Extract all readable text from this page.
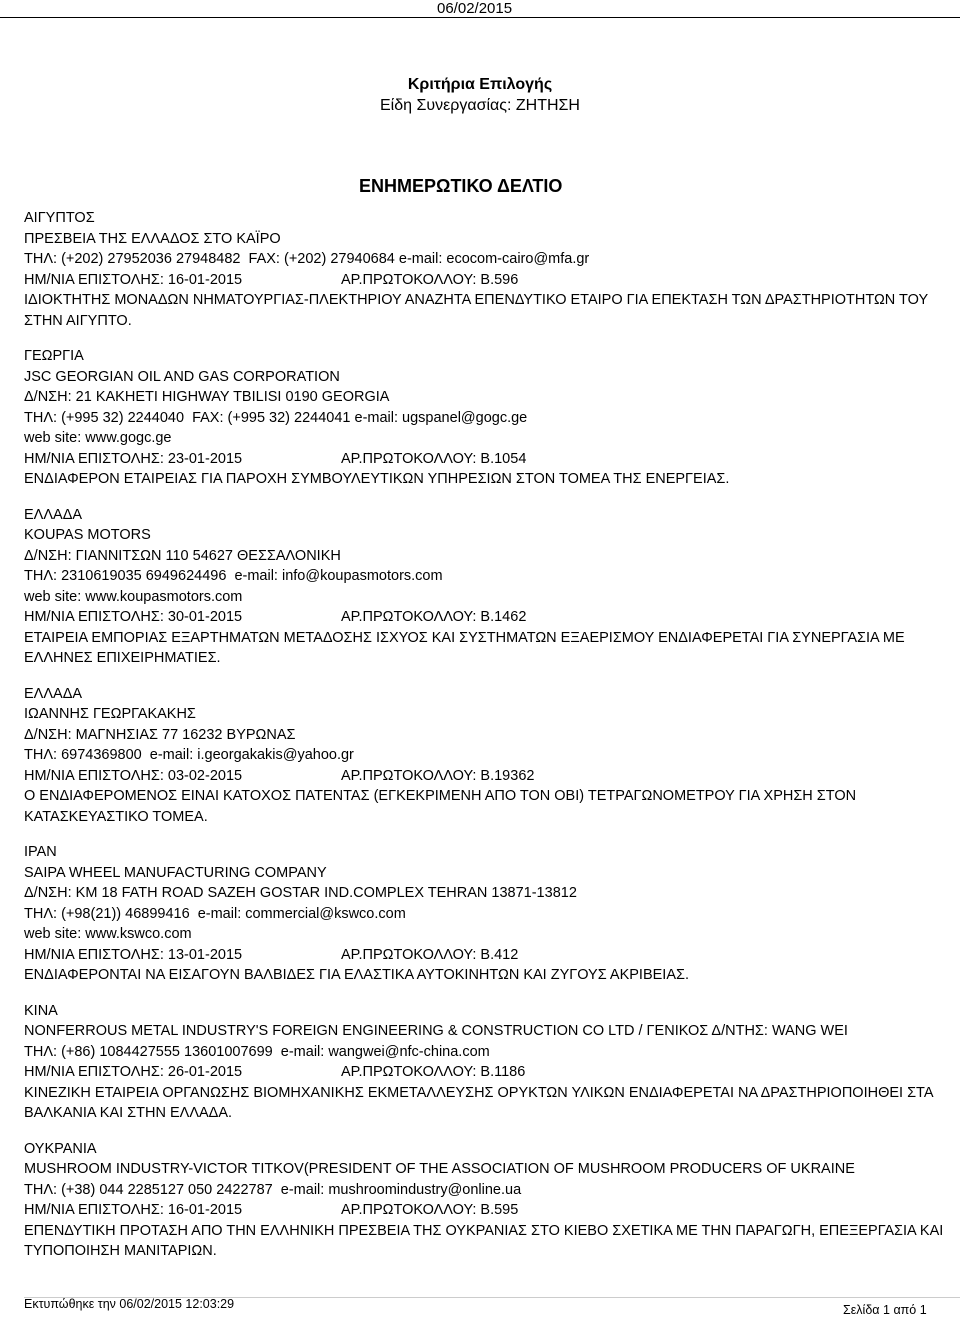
06/02/2015
Κριτήρια Επιλογής
Είδη Συνεργασίας: ΖΗΤΗΣΗ
ΕΝΗΜΕΡΩΤΙΚΟ ΔΕΛΤΙΟ
ΑΙΓΥΠΤΟΣ
ΠΡΕΣΒΕΙΑ ΤΗΣ ΕΛΛΑΔΟΣ ΣΤΟ ΚΑΪΡΟ
ΤΗΛ: (+202) 27952036 27948482  FAX: (+202) 27940684 e-mail: ecocom-cairo@mfa.gr
ΗΜ/ΝΙΑ ΕΠΙΣΤΟΛΗΣ: 16-01-2015	ΑΡ.ΠΡΩΤΟΚΟΛΛΟΥ: Β.596
ΙΔΙΟΚΤΗΤΗΣ ΜΟΝΑΔΩΝ ΝΗΜΑΤΟΥΡΓΙΑΣ-ΠΛΕΚΤΗΡΙΟΥ ΑΝΑΖΗΤΑ ΕΠΕΝΔΥΤΙΚΟ ΕΤΑΙΡΟ ΓΙΑ ΕΠΕΚΤΑΣΗ ΤΩΝ ΔΡΑΣΤΗΡΙΟΤΗΤΩΝ ΤΟΥ ΣΤΗΝ ΑΙΓΥΠΤΟ.
ΓΕΩΡΓΙΑ
JSC GEORGIAN OIL AND GAS CORPORATION
Δ/ΝΣΗ: 21 KAKHETI HIGHWAY TBILISI 0190 GEORGIA
ΤΗΛ: (+995 32) 2244040  FAX: (+995 32) 2244041 e-mail: ugspanel@gogc.ge
web site: www.gogc.ge
ΗΜ/ΝΙΑ ΕΠΙΣΤΟΛΗΣ: 23-01-2015	ΑΡ.ΠΡΩΤΟΚΟΛΛΟΥ: Β.1054
ΕΝΔΙΑΦΕΡΟΝ ΕΤΑΙΡΕΙΑΣ ΓΙΑ ΠΑΡΟΧΗ ΣΥΜΒΟΥΛΕΥΤΙΚΩΝ ΥΠΗΡΕΣΙΩΝ ΣΤΟΝ ΤΟΜΕΑ ΤΗΣ ΕΝΕΡΓΕΙΑΣ.
ΕΛΛΑΔΑ
KOUPAS MOTORS
Δ/ΝΣΗ: ΓΙΑΝΝΙΤΣΩΝ 110 54627 ΘΕΣΣΑΛΟΝΙΚΗ
ΤΗΛ: 2310619035 6949624496  e-mail: info@koupasmotors.com
web site: www.koupasmotors.com
ΗΜ/ΝΙΑ ΕΠΙΣΤΟΛΗΣ: 30-01-2015	ΑΡ.ΠΡΩΤΟΚΟΛΛΟΥ: Β.1462
ΕΤΑΙΡΕΙΑ ΕΜΠΟΡΙΑΣ ΕΞΑΡΤΗΜΑΤΩΝ ΜΕΤΑΔΟΣΗΣ ΙΣΧΥΟΣ ΚΑΙ ΣΥΣΤΗΜΑΤΩΝ ΕΞΑΕΡΙΣΜΟΥ ΕΝΔΙΑΦΕΡΕΤΑΙ ΓΙΑ ΣΥΝΕΡΓΑΣΙΑ ΜΕ ΕΛΛΗΝΕΣ ΕΠΙΧΕΙΡΗΜΑΤΙΕΣ.
ΕΛΛΑΔΑ
ΙΩΑΝΝΗΣ ΓΕΩΡΓΑΚΑΚΗΣ
Δ/ΝΣΗ: ΜΑΓΝΗΣΙΑΣ 77 16232 ΒΥΡΩΝΑΣ
ΤΗΛ: 6974369800  e-mail: i.georgakakis@yahoo.gr
ΗΜ/ΝΙΑ ΕΠΙΣΤΟΛΗΣ: 03-02-2015	ΑΡ.ΠΡΩΤΟΚΟΛΛΟΥ: Β.19362
Ο ΕΝΔΙΑΦΕΡΟΜΕΝΟΣ ΕΙΝΑΙ ΚΑΤΟΧΟΣ ΠΑΤΕΝΤΑΣ (ΕΓΚΕΚΡΙΜΕΝΗ ΑΠΟ ΤΟΝ ΟΒΙ) ΤΕΤΡΑΓΩΝΟΜΕΤΡΟΥ ΓΙΑ ΧΡΗΣΗ ΣΤΟΝ ΚΑΤΑΣΚΕΥΑΣΤΙΚΟ ΤΟΜΕΑ.
ΙΡΑΝ
SAIPA WHEEL MANUFACTURING COMPANY
Δ/ΝΣΗ: KM 18 FATH ROAD SAZEH GOSTAR IND.COMPLEX TEHRAN 13871-13812
ΤΗΛ: (+98(21)) 46899416  e-mail: commercial@kswco.com
web site: www.kswco.com
ΗΜ/ΝΙΑ ΕΠΙΣΤΟΛΗΣ: 13-01-2015	ΑΡ.ΠΡΩΤΟΚΟΛΛΟΥ: Β.412
ΕΝΔΙΑΦΕΡΟΝΤΑΙ ΝΑ ΕΙΣΑΓΟΥΝ ΒΑΛΒΙΔΕΣ ΓΙΑ ΕΛΑΣΤΙΚΑ ΑΥΤΟΚΙΝΗΤΩΝ ΚΑΙ ΖΥΓΟΥΣ ΑΚΡΙΒΕΙΑΣ.
ΚΙΝΑ
NONFERROUS METAL INDUSTRY'S FOREIGN ENGINEERING & CONSTRUCTION CO LTD / ΓΕΝΙΚΟΣ Δ/ΝΤΗΣ: WANG WEI
ΤΗΛ: (+86) 1084427555 13601007699  e-mail: wangwei@nfc-china.com
ΗΜ/ΝΙΑ ΕΠΙΣΤΟΛΗΣ: 26-01-2015	ΑΡ.ΠΡΩΤΟΚΟΛΛΟΥ: Β.1186
ΚΙΝΕΖΙΚΗ ΕΤΑΙΡΕΙΑ ΟΡΓΑΝΩΣΗΣ ΒΙΟΜΗΧΑΝΙΚΗΣ ΕΚΜΕΤΑΛΛΕΥΣΗΣ ΟΡΥΚΤΩΝ ΥΛΙΚΩΝ ΕΝΔΙΑΦΕΡΕΤΑΙ ΝΑ ΔΡΑΣΤΗΡΙΟΠΟΙΗΘΕΙ ΣΤΑ ΒΑΛΚΑΝΙΑ ΚΑΙ ΣΤΗΝ ΕΛΛΑΔΑ.
ΟΥΚΡΑΝΙΑ
MUSHROOM INDUSTRY-VICTOR TITKOV(PRESIDENT OF THE ASSOCIATION OF MUSHROOM PRODUCERS OF UKRAINE
ΤΗΛ: (+38) 044 2285127 050 2422787  e-mail: mushroomindustry@online.ua
ΗΜ/ΝΙΑ ΕΠΙΣΤΟΛΗΣ: 16-01-2015	ΑΡ.ΠΡΩΤΟΚΟΛΛΟΥ: Β.595
ΕΠΕΝΔΥΤΙΚΗ ΠΡΟΤΑΣΗ ΑΠΟ ΤΗΝ ΕΛΛΗΝΙΚΗ ΠΡΕΣΒΕΙΑ ΤΗΣ ΟΥΚΡΑΝΙΑΣ ΣΤΟ ΚΙΕΒΟ ΣΧΕΤΙΚΑ ΜΕ ΤΗΝ ΠΑΡΑΓΩΓΗ, ΕΠΕΞΕΡΓΑΣΙΑ ΚΑΙ ΤΥΠΟΠΟΙΗΣΗ ΜΑΝΙΤΑΡΙΩΝ.
Εκτυπώθηκε την 06/02/2015 12:03:29	Σελίδα 1 από 1
